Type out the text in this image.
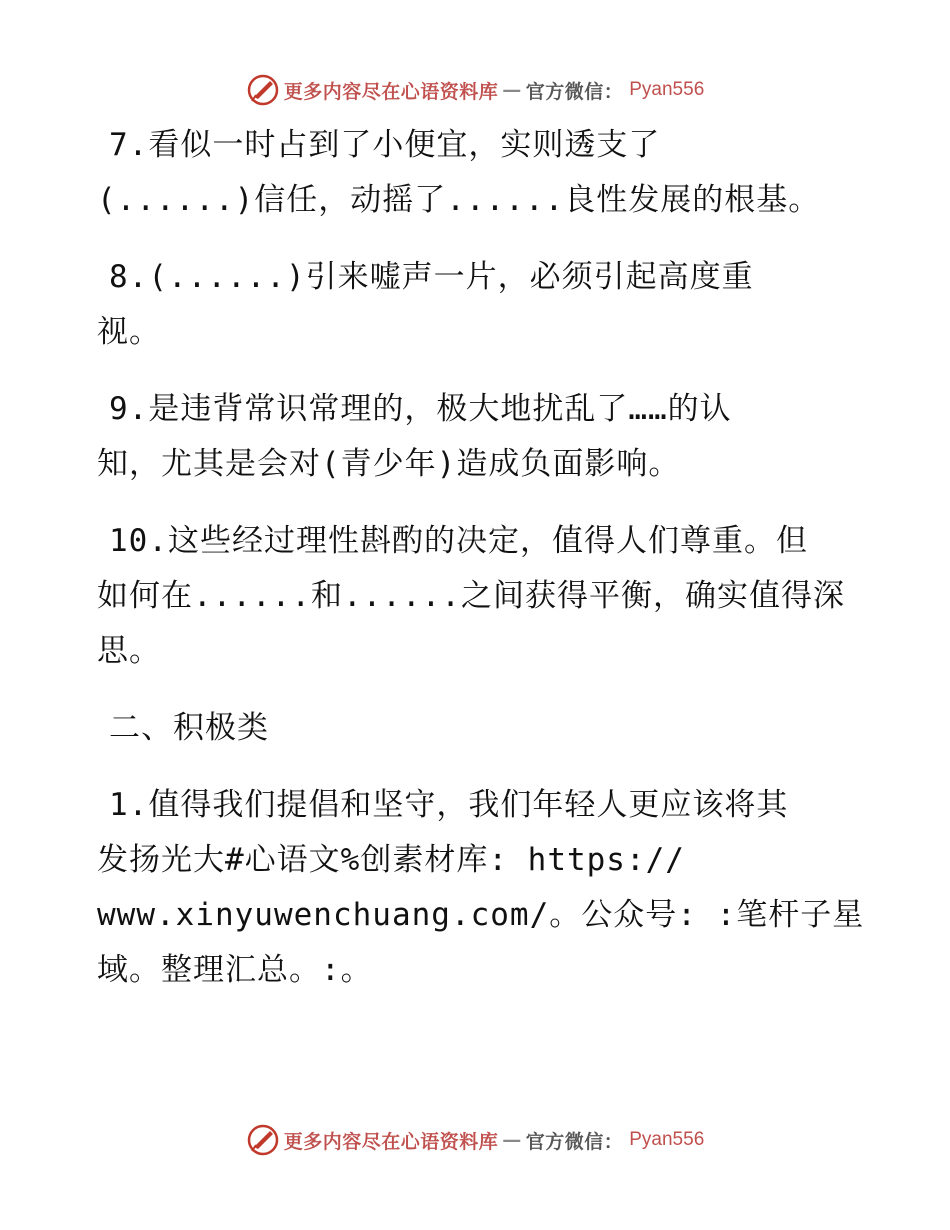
更多内容尽在心语资料库 — 官方微信： Pyan556
7.看似一时占到了小便宜，实则透支了
(......)信任，动摇了......良性发展的根基。
8.(......)引来嘘声一片，必须引起高度重
视。
9.是违背常识常理的，极大地扰乱了……的认
知，尤其是会对(青少年)造成负面影响。
10.这些经过理性斟酌的决定，值得人们尊重。但
如何在......和......之间获得平衡，确实值得深
思。
二、积极类
1.值得我们提倡和坚守，我们年轻人更应该将其
发扬光大#心语文%创素材库: https://
www.xinyuwenchuang.com/。公众号: :笔杆子星
域。整理汇总。:。
更多内容尽在心语资料库 — 官方微信： Pyan556
